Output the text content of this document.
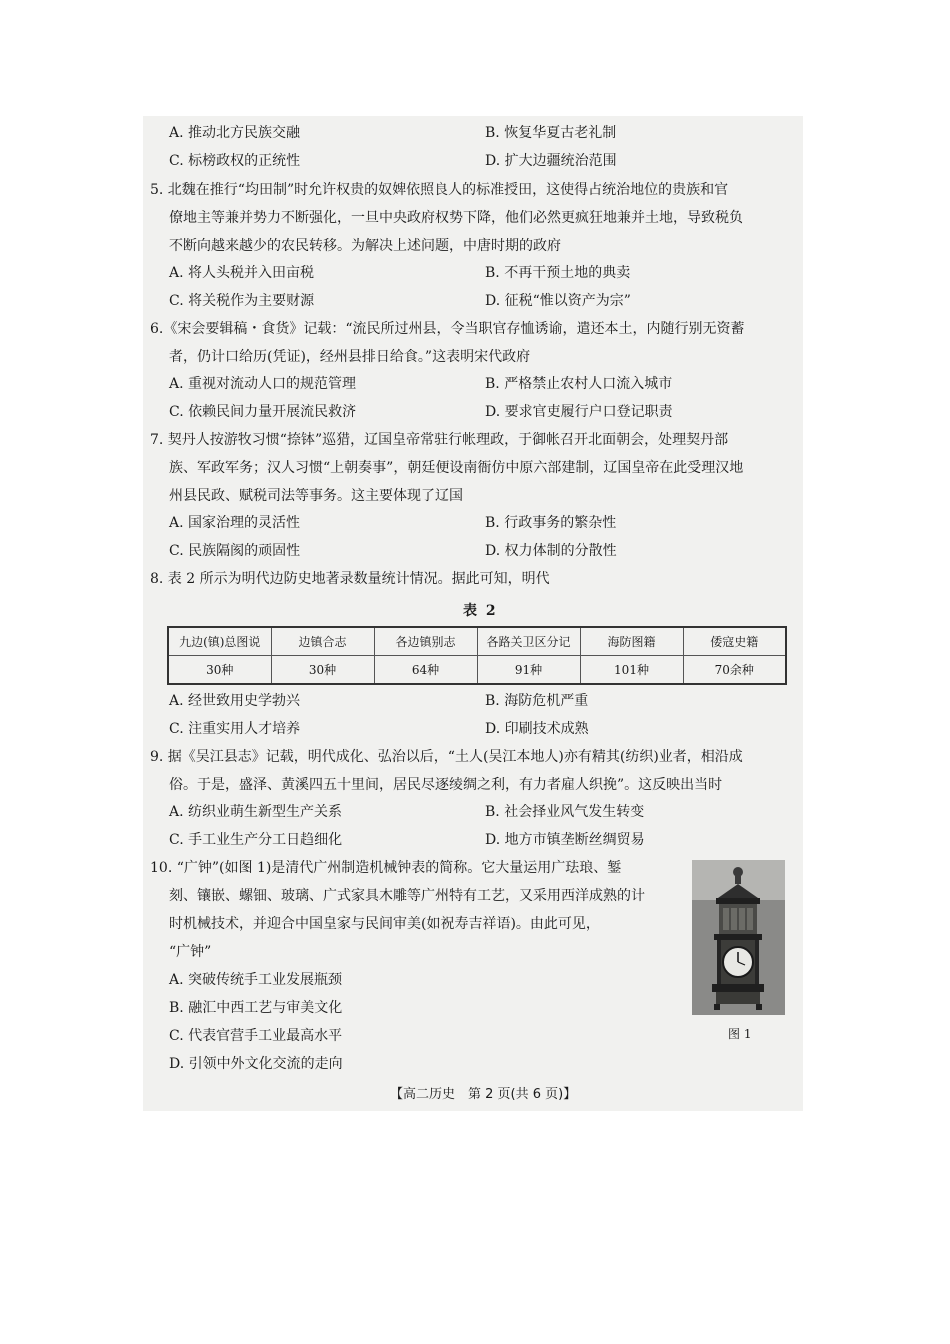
A. 推动北方民族交融	B. 恢复华夏古老礼制
C. 标榜政权的正统性	D. 扩大边疆统治范围
5. 北魏在推行“均田制”时允许权贵的奴婢依照良人的标准授田，这使得占统治地位的贵族和官
僚地主等兼并势力不断强化，一旦中央政府权势下降，他们必然更疯狂地兼并土地，导致税负
不断向越来越少的农民转移。为解决上述问题，中唐时期的政府
A. 将人头税并入田亩税	B. 不再干预土地的典卖
C. 将关税作为主要财源	D. 征税“惟以资产为宗”
6.《宋会要辑稿・食货》记载：“流民所过州县，令当职官存恤诱谕，遣还本土，内随行别无资蓄
者，仍计口给历(凭证)，经州县排日给食。”这表明宋代政府
A. 重视对流动人口的规范管理	B. 严格禁止农村人口流入城市
C. 依赖民间力量开展流民救济	D. 要求官吏履行户口登记职责
7. 契丹人按游牧习惯“捺钵”巡猎，辽国皇帝常驻行帐理政，于御帐召开北面朝会，处理契丹部
族、军政军务；汉人习惯“上朝奏事”，朝廷便设南衙仿中原六部建制，辽国皇帝在此受理汉地
州县民政、赋税司法等事务。这主要体现了辽国
A. 国家治理的灵活性	B. 行政事务的繁杂性
C. 民族隔阂的顽固性	D. 权力体制的分散性
8. 表 2 所示为明代边防史地著录数量统计情况。据此可知，明代
表 2
九边(镇)总图说	边镇合志	各边镇别志	各路关卫区分记	海防图籍	倭寇史籍
30种	30种	64种	91种	101种	70余种
A. 经世致用史学勃兴	B. 海防危机严重
C. 注重实用人才培养	D. 印刷技术成熟
9. 据《吴江县志》记载，明代成化、弘治以后，“土人(吴江本地人)亦有精其(纺织)业者，相沿成
俗。于是，盛泽、黄溪四五十里间，居民尽逐绫绸之利，有力者雇人织挽”。这反映出当时
A. 纺织业萌生新型生产关系	B. 社会择业风气发生转变
C. 手工业生产分工日趋细化	D. 地方市镇垄断丝绸贸易
10. “广钟”(如图 1)是清代广州制造机械钟表的简称。它大量运用广珐琅、錾
刻、镶嵌、螺钿、玻璃、广式家具木雕等广州特有工艺，又采用西洋成熟的计
时机械技术，并迎合中国皇家与民间审美(如祝寿吉祥语)。由此可见，
“广钟”
A. 突破传统手工业发展瓶颈
B. 融汇中西工艺与审美文化
C. 代表官营手工业最高水平
D. 引领中外文化交流的走向
图 1
【高二历史　第 2 页(共 6 页)】
